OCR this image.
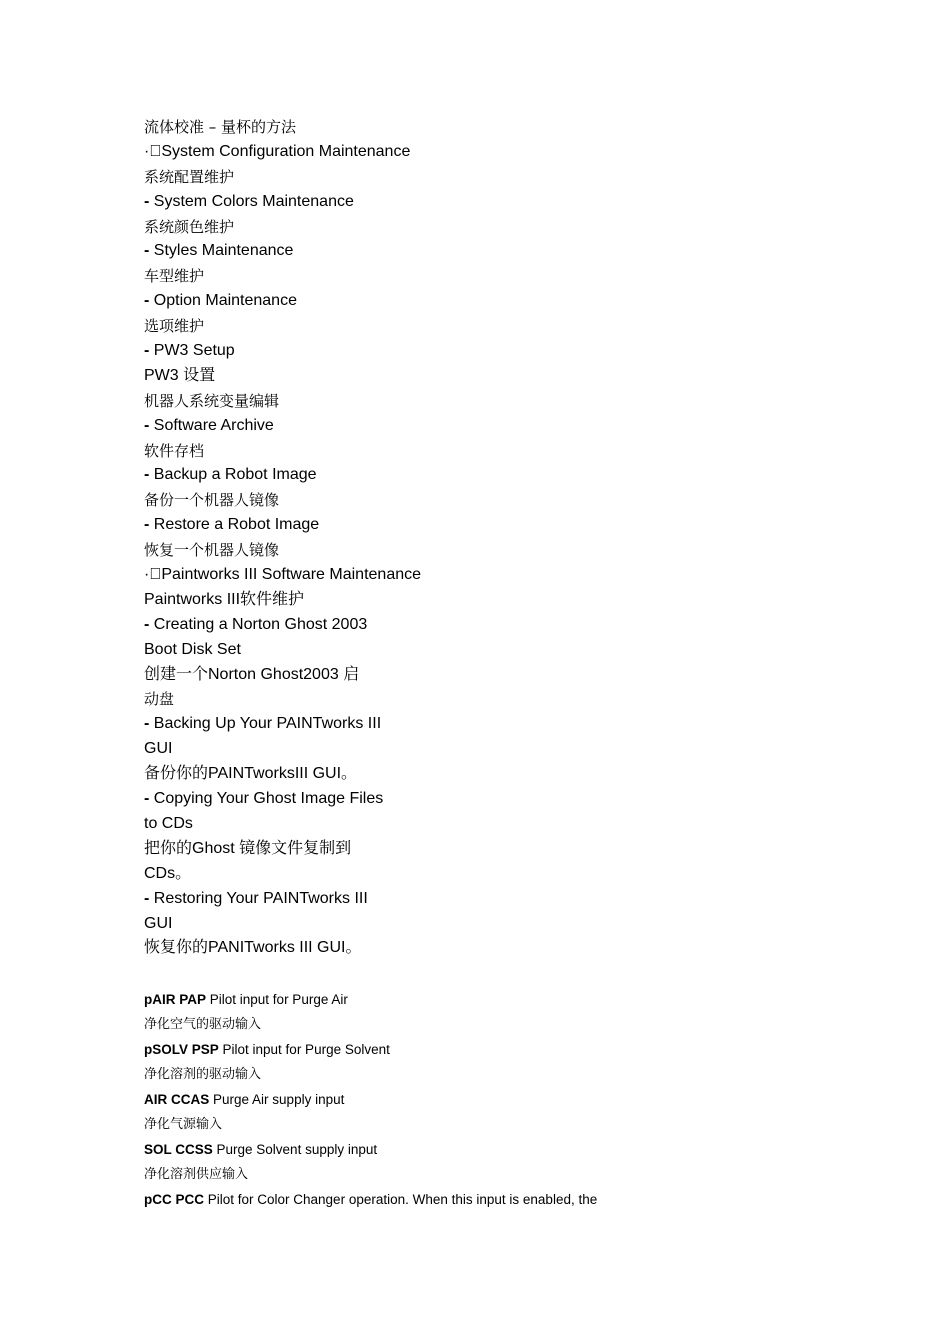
流体校准 – 量杯的方法
· System Configuration Maintenance
系统配置维护
- System Colors Maintenance
系统颜色维护
- Styles Maintenance
车型维护
- Option Maintenance
选项维护
- PW3 Setup
PW3 设置
机器人系统变量编辑
- Software Archive
软件存档
- Backup a Robot Image
备份一个机器人镜像
- Restore a Robot Image
恢复一个机器人镜像
· Paintworks III Software Maintenance
Paintworks III软件维护
- Creating a Norton Ghost 2003
Boot Disk Set
创建一个Norton Ghost2003 启
动盘
- Backing Up Your PAINTworks III
GUI
备份你的PAINTworksIII GUI。
- Copying Your Ghost Image Files
to CDs
把你的Ghost 镜像文件复制到
CDs。
- Restoring Your PAINTworks III
GUI
恢复你的PANITworks III GUI。
pAIR PAP Pilot input for Purge Air
净化空气的驱动输入
pSOLV PSP Pilot input for Purge Solvent
净化溶剂的驱动输入
AIR CCAS Purge Air supply input
净化气源输入
SOL CCSS Purge Solvent supply input
净化溶剂供应输入
pCC PCC Pilot for Color Changer operation. When this input is enabled, the
